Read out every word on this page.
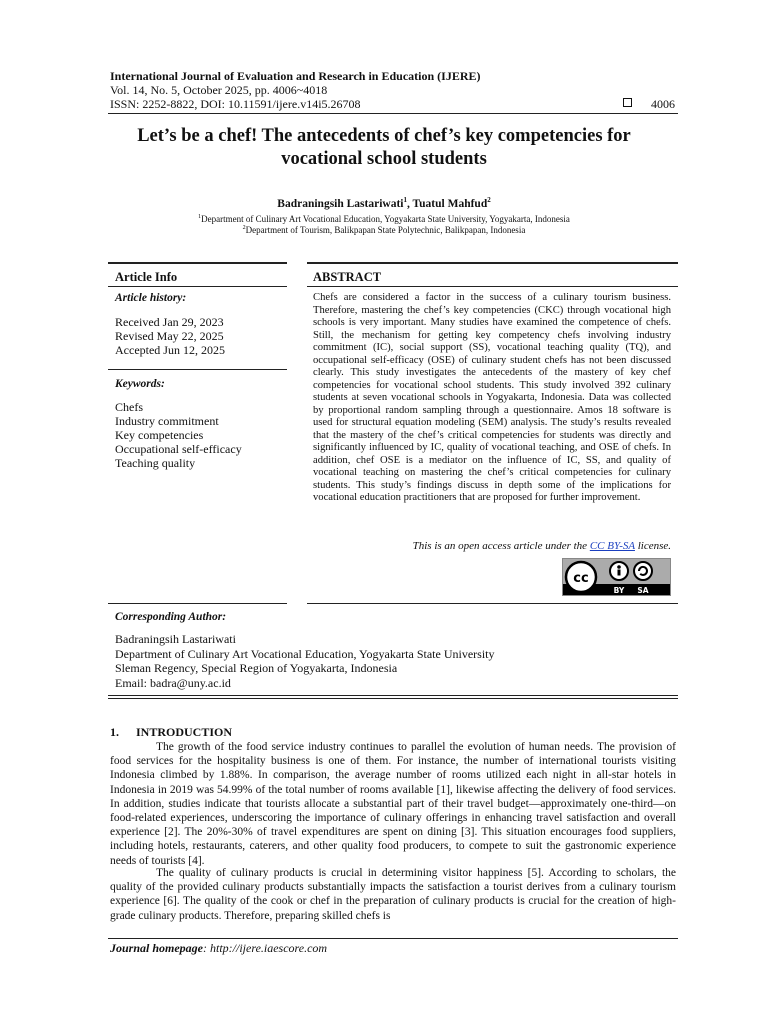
International Journal of Evaluation and Research in Education (IJERE)
Vol. 14, No. 5, October 2025, pp. 4006~4018
ISSN: 2252-8822, DOI: 10.11591/ijere.v14i5.26708	4006
Let’s be a chef! The antecedents of chef’s key competencies for
vocational school students
Badraningsih Lastariwati$^1$, Tuatul Mahfud$^2$
$^1$Department of Culinary Art Vocational Education, Yogyakarta State University, Yogyakarta, Indonesia
$^2$Department of Tourism, Balikpapan State Polytechnic, Balikpapan, Indonesia
Article Info	ABSTRACT
Article history:
Received Jan 29, 2023
Revised May 22, 2025
Accepted Jun 12, 2025
Keywords:
Chefs
Industry commitment
Key competencies
Occupational self-efficacy
Teaching quality
Chefs are considered a factor in the success of a culinary tourism business. Therefore, mastering the chef’s key competencies (CKC) through vocational high schools is very important. Many studies have examined the competence of chefs. Still, the mechanism for getting key competency chefs involving industry commitment (IC), social support (SS), vocational teaching quality (TQ), and occupational self-efficacy (OSE) of culinary student chefs has not been discussed clearly. This study investigates the antecedents of the mastery of key chef competencies for vocational school students. This study involved 392 culinary students at seven vocational schools in Yogyakarta, Indonesia. Data was collected by proportional random sampling through a questionnaire. Amos 18 software is used for structural equation modeling (SEM) analysis. The study’s results revealed that the mastery of the chef’s critical competencies for students was directly and significantly influenced by IC, quality of vocational teaching, and OSE of chefs. In addition, chef OSE is a mediator on the influence of IC, SS, and quality of vocational teaching on mastering the chef’s critical competencies for culinary students. This study’s findings discuss in depth some of the implications for vocational education practitioners that are proposed for further improvement.
This is an open access article under the CC BY-SA license.
cc
BY SA
Corresponding Author:
Badraningsih Lastariwati
Department of Culinary Art Vocational Education, Yogyakarta State University
Sleman Regency, Special Region of Yogyakarta, Indonesia
Email: badra@uny.ac.id
1. INTRODUCTION
The growth of the food service industry continues to parallel the evolution of human needs. The provision of food services for the hospitality business is one of them. For instance, the number of international tourists visiting Indonesia climbed by 1.88%. In comparison, the average number of rooms utilized each night in all-star hotels in Indonesia in 2019 was 54.99% of the total number of rooms available [1], likewise affecting the delivery of food services. In addition, studies indicate that tourists allocate a substantial part of their travel budget—approximately one-third—on food-related experiences, underscoring the importance of culinary offerings in enhancing travel satisfaction and overall experience [2]. The 20%-30% of travel expenditures are spent on dining [3]. This situation encourages food suppliers, including hotels, restaurants, caterers, and other quality food producers, to compete to suit the gastronomic experience needs of tourists [4].
The quality of culinary products is crucial in determining visitor happiness [5]. According to scholars, the quality of the provided culinary products substantially impacts the satisfaction a tourist derives from a culinary tourism experience [6]. The quality of the cook or chef in the preparation of culinary products is crucial for the creation of high-grade culinary products. Therefore, preparing skilled chefs is
Journal homepage: http://ijere.iaescore.com
